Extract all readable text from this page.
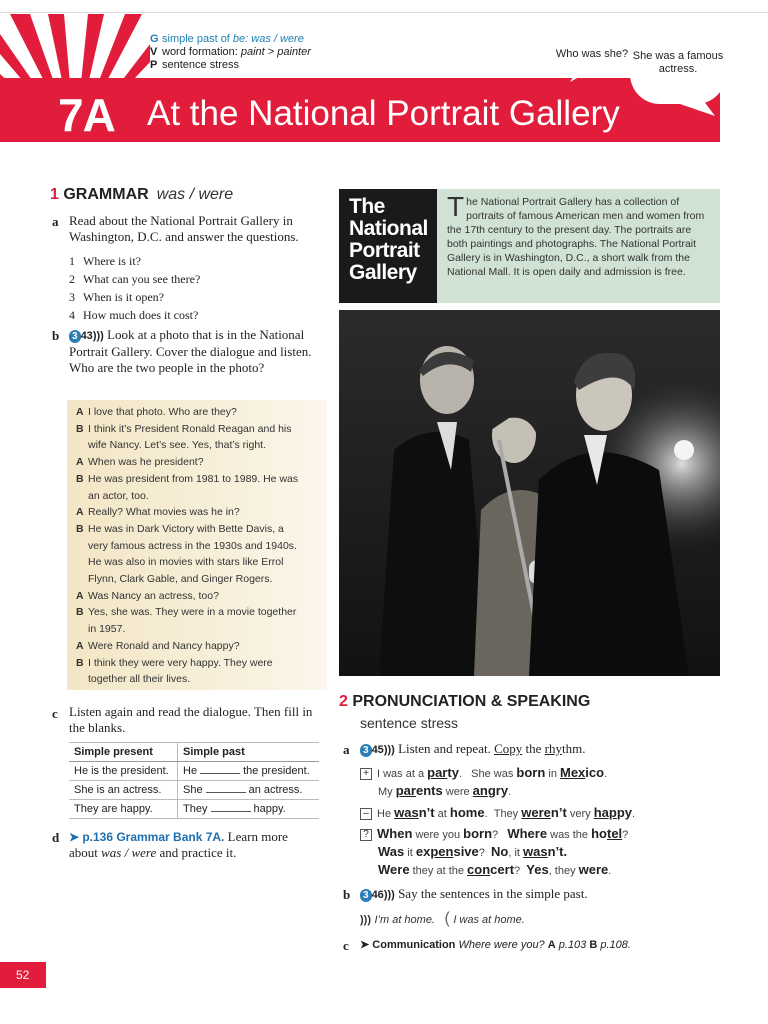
G simple past of be: was / were
V word formation: paint > painter
P sentence stress
Who was she? She was a famous actress.
7A At the National Portrait Gallery
1 GRAMMAR was / were
a Read about the National Portrait Gallery in Washington, D.C. and answer the questions.
1 Where is it?
2 What can you see there?
3 When is it open?
4 How much does it cost?
b	3 43))) Look at a photo that is in the National Portrait Gallery. Cover the dialogue and listen. Who are the two people in the photo?
A I love that photo. Who are they?
B I think it’s President Ronald Reagan and his
wife Nancy. Let’s see. Yes, that’s right.
A When was he president?
B He was president from 1981 to 1989. He was
an actor, too.
A Really? What movies was he in?
B He was in Dark Victory with Bette Davis, a
very famous actress in the 1930s and 1940s.
He was also in movies with stars like Errol
Flynn, Clark Gable, and Ginger Rogers.
A Was Nancy an actress, too?
B Yes, she was. They were in a movie together
in 1957.
A Were Ronald and Nancy happy?
B I think they were very happy. They were
together all their lives.
c Listen again and read the dialogue. Then fill in the blanks.
Simple present	Simple past
He is the president.	He the president.
She is an actress.	She an actress.
They are happy.	They happy.
d ➤ p.136 Grammar Bank 7A. Learn more
about was / were and practice it.
The
National
Portrait
Gallery
The National Portrait Gallery has a collection of portraits of famous American men and women from the 17th century to the present day. The portraits are both paintings and photographs. The National Portrait Gallery is in Washington, D.C., a short walk from the National Mall. It is open daily and admission is free.
2 PRONUNCIATION & SPEAKING
sentence stress
a	3 45))) Listen and repeat. Copy the rhythm.
+ I was at a party.   She was born in Mexico.
My parents were angry.
– He wasn’t at home.  They weren’t very happy.
? When were you born?   Where was the hotel?
Was it expensive?  No, it wasn’t.
Were they at the concert?  Yes, they were.
b	3 46))) Say the sentences in the simple past.
))) I’m at home. ( I was at home.
c ➤ Communication Where were you? A p.103 B p.108.
52
